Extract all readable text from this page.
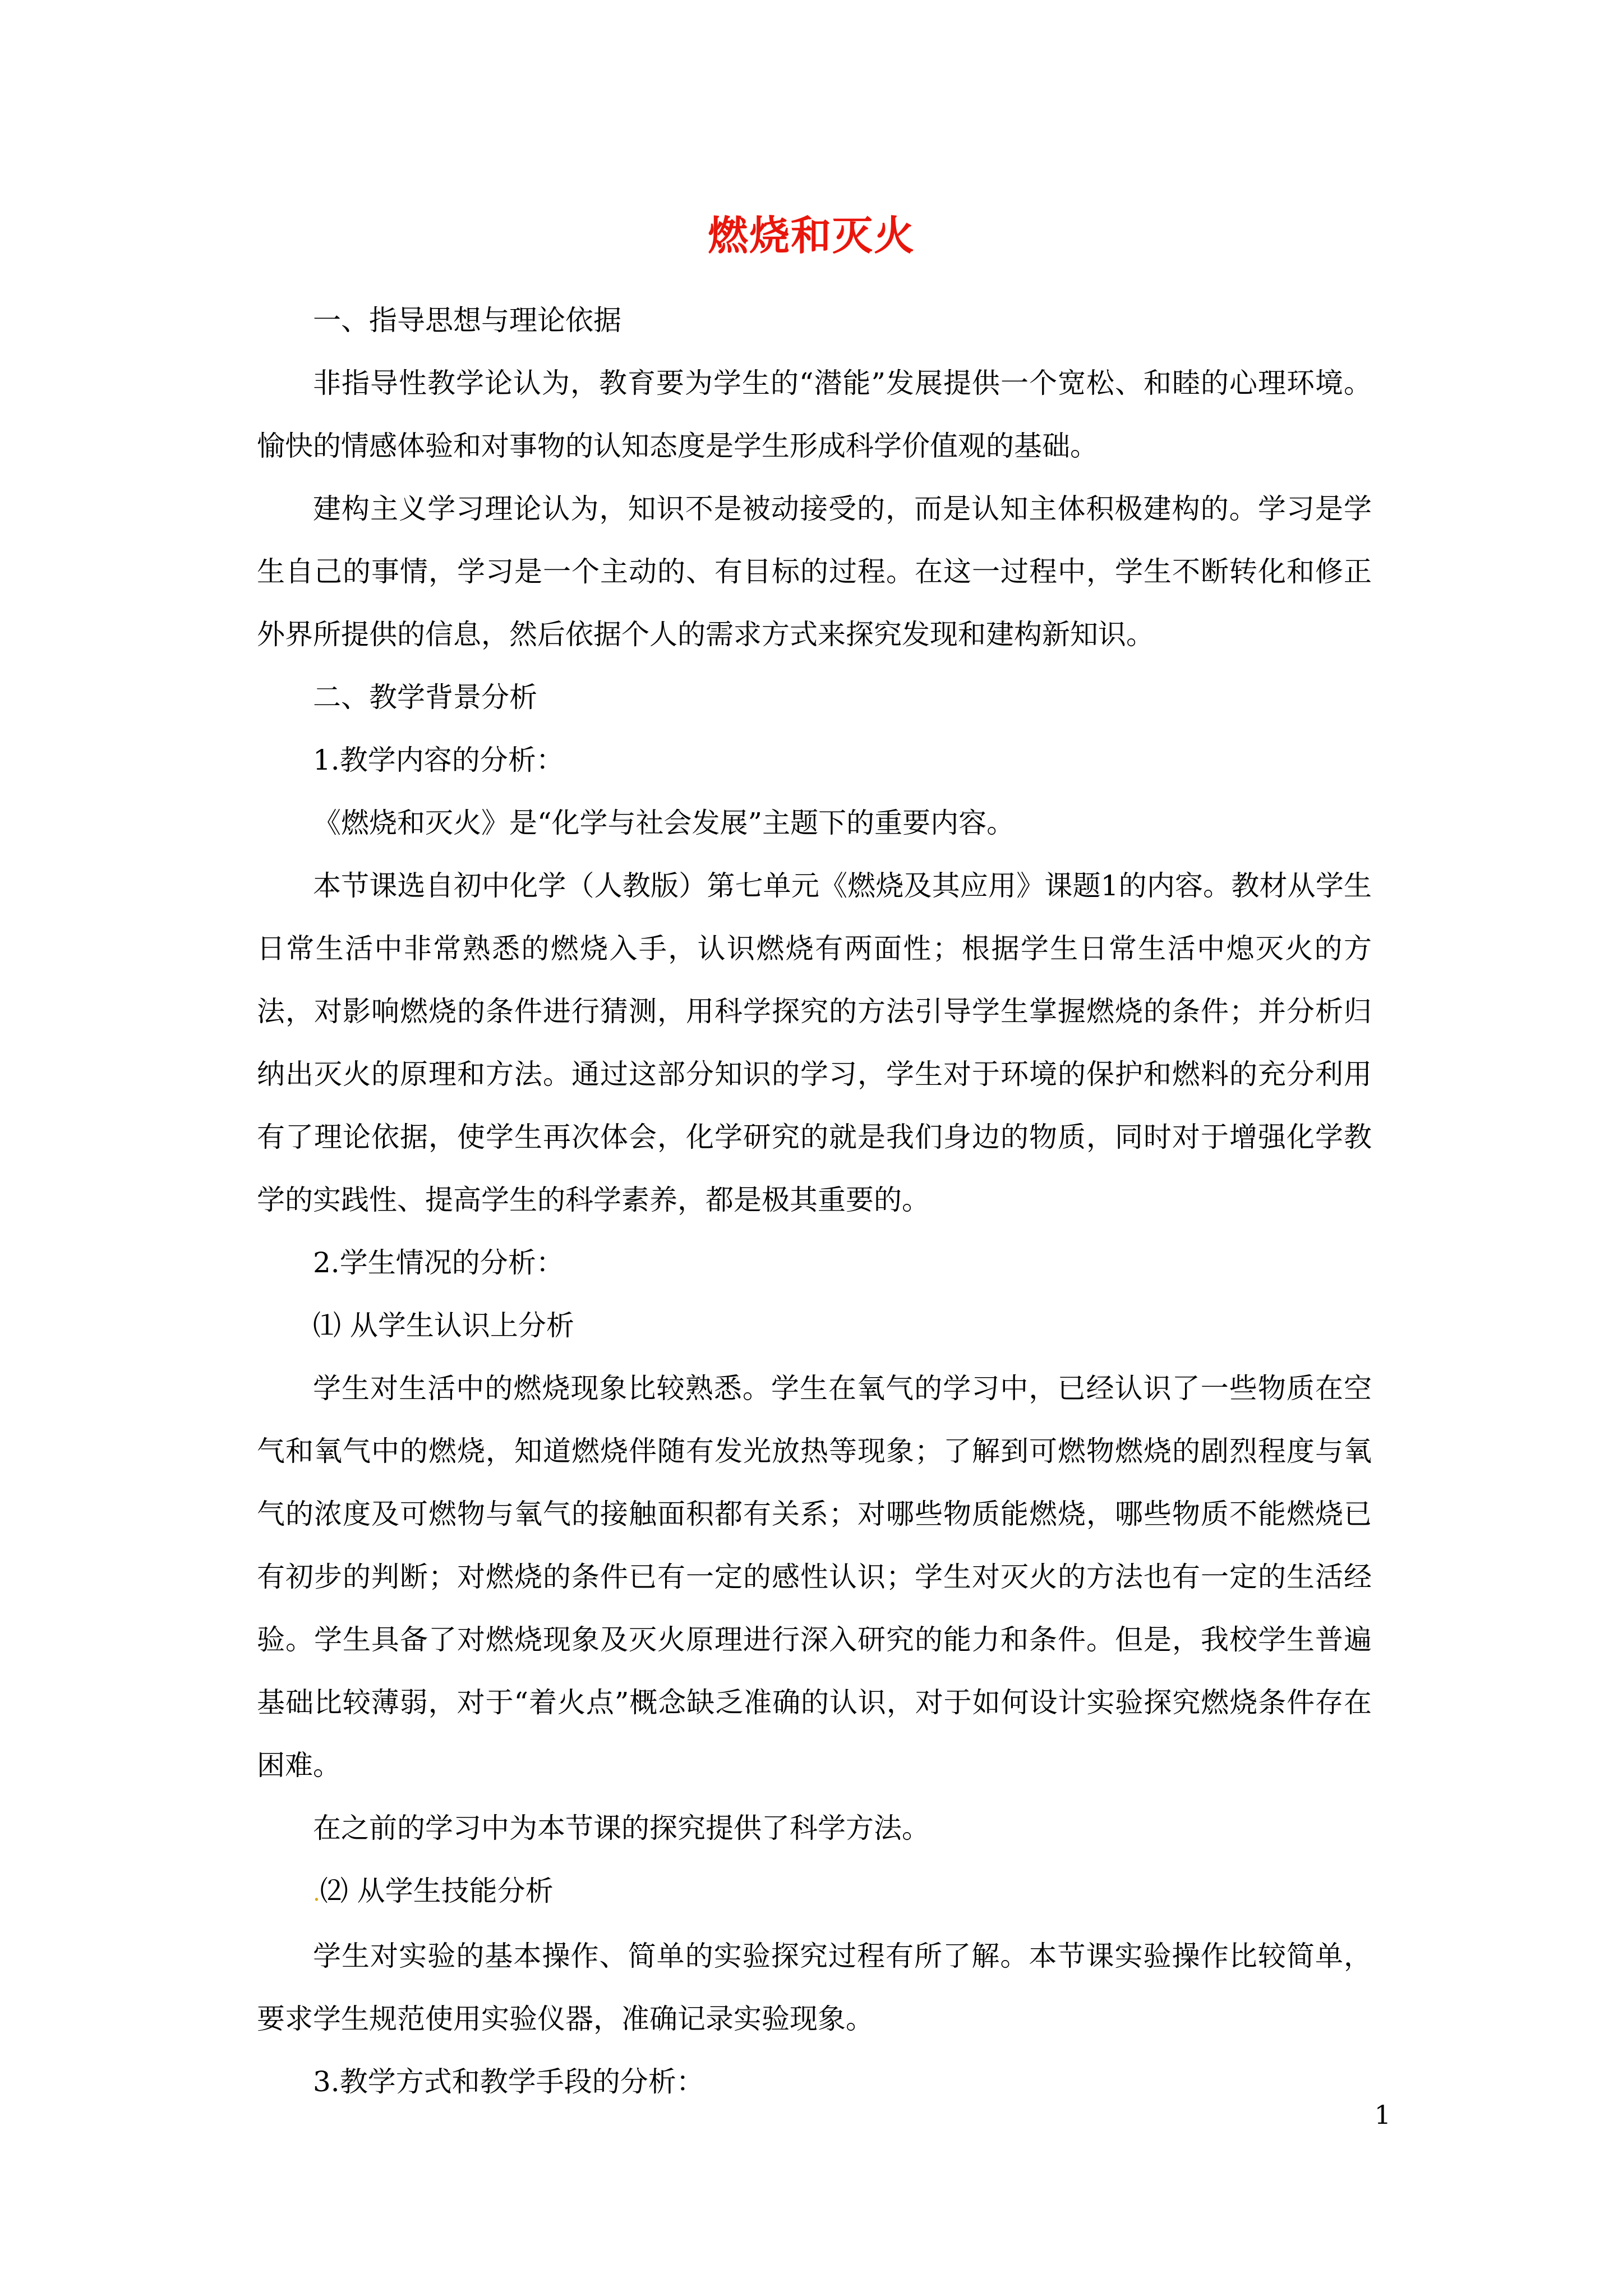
燃烧和灭火

一、指导思想与理论依据

非指导性教学论认为，教育要为学生的“潜能”发展提供一个宽松、和睦的心理环境。愉快的情感体验和对事物的认知态度是学生形成科学价值观的基础。

建构主义学习理论认为，知识不是被动接受的，而是认知主体积极建构的。学习是学生自己的事情，学习是一个主动的、有目标的过程。在这一过程中，学生不断转化和修正外界所提供的信息，然后依据个人的需求方式来探究发现和建构新知识。

二、教学背景分析

1.教学内容的分析：

《燃烧和灭火》是“化学与社会发展”主题下的重要内容。

本节课选自初中化学（人教版）第七单元《燃烧及其应用》课题1的内容。教材从学生日常生活中非常熟悉的燃烧入手，认识燃烧有两面性；根据学生日常生活中熄灭火的方法，对影响燃烧的条件进行猜测，用科学探究的方法引导学生掌握燃烧的条件；并分析归纳出灭火的原理和方法。通过这部分知识的学习，学生对于环境的保护和燃料的充分利用有了理论依据，使学生再次体会，化学研究的就是我们身边的物质，同时对于增强化学教学的实践性、提高学生的科学素养，都是极其重要的。

2.学生情况的分析：

⑴ 从学生认识上分析

学生对生活中的燃烧现象比较熟悉。学生在氧气的学习中，已经认识了一些物质在空气和氧气中的燃烧，知道燃烧伴随有发光放热等现象；了解到可燃物燃烧的剧烈程度与氧气的浓度及可燃物与氧气的接触面积都有关系；对哪些物质能燃烧，哪些物质不能燃烧已有初步的判断；对燃烧的条件已有一定的感性认识；学生对灭火的方法也有一定的生活经验。学生具备了对燃烧现象及灭火原理进行深入研究的能力和条件。但是，我校学生普遍基础比较薄弱，对于“着火点”概念缺乏准确的认识，对于如何设计实验探究燃烧条件存在困难。

在之前的学习中为本节课的探究提供了科学方法。

.⑵ 从学生技能分析

学生对实验的基本操作、简单的实验探究过程有所了解。本节课实验操作比较简单，要求学生规范使用实验仪器，准确记录实验现象。

3.教学方式和教学手段的分析：

1
